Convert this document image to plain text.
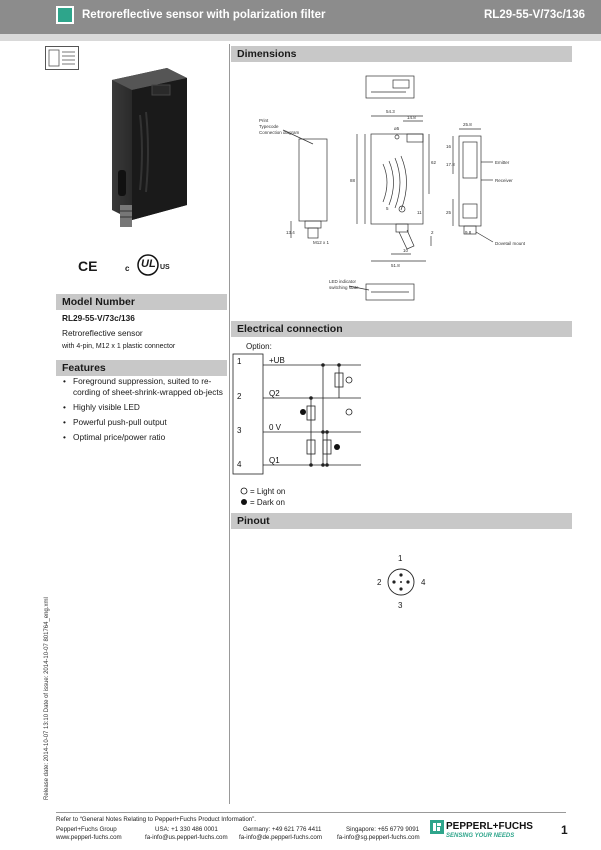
Retroreflective sensor with polarization filter	RL29-55-V/73c/136
CE	c UL US
Model Number
RL29-55-V/73c/136
Retroreflective sensor
with 4-pin, M12 x 1 plastic connector
Features
• Foreground suppression, suited to re-cording of sheet-shrink-wrapped ob-jects
• Highly visible LED
• Powerful push-pull output
• Optimal price/power ratio
Dimensions
Print
Typecode
Connection diagram
54.3
14.8
ø5
25.8
88
62 17.8
16
25
9.8
11
5
13.4
M12 x 1
10
51.8
2
Emitter
Receiver
Dovetail mount
LED indicator
switching state
Electrical connection
Option:
1
2
3
4
+UB
Q2
0 V
Q1
= Light on
= Dark on
Pinout
1
2	4
3
Release date: 2014-10-07 13:10 Date of issue: 2014-10-07 801764_eng.xml
Refer to “General Notes Relating to Pepperl+Fuchs Product Information”.
Pepperl+Fuchs Group
www.pepperl-fuchs.com
USA: +1 330 486 0001
fa-info@us.pepperl-fuchs.com
Germany: +49 621 776 4411
fa-info@de.pepperl-fuchs.com
Singapore: +65 6779 9091
fa-info@sg.pepperl-fuchs.com
PEPPERL+FUCHS
SENSING YOUR NEEDS	1
